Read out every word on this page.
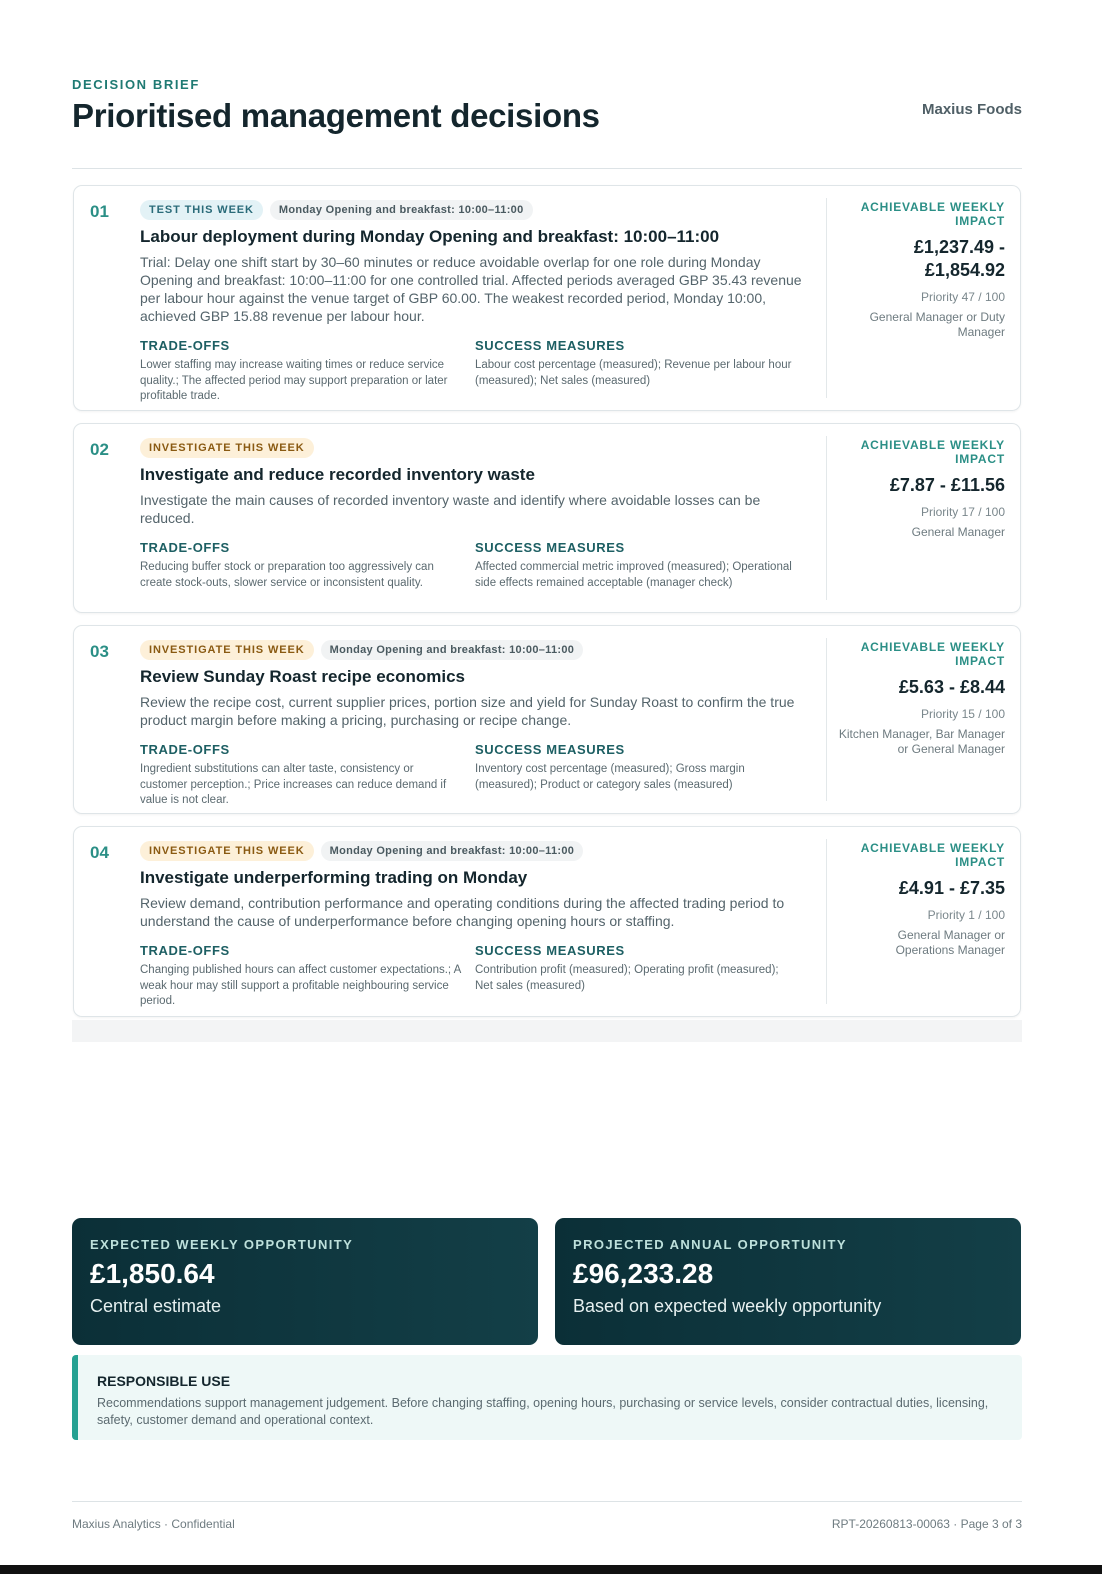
DECISION BRIEF
Prioritised management decisions	Maxius Foods
01	TEST THIS WEEK	Monday Opening and breakfast: 10:00–11:00
Labour deployment during Monday Opening and breakfast: 10:00–11:00

Trial: Delay one shift start by 30–60 minutes or reduce avoidable overlap for one role during Monday Opening and breakfast: 10:00–11:00 for one controlled trial. Affected periods averaged GBP 35.43 revenue per labour hour against the venue target of GBP 60.00. The weakest recorded period, Monday 10:00, achieved GBP 15.88 revenue per labour hour.

TRADE-OFFS

Lower staffing may increase waiting times or reduce service quality.; The affected period may support preparation or later profitable trade.

SUCCESS MEASURES

Labour cost percentage (measured); Revenue per labour hour (measured); Net sales (measured)

ACHIEVABLE WEEKLY IMPACT
£1,237.49 - £1,854.92
Priority 47 / 100
General Manager or Duty Manager
02	INVESTIGATE THIS WEEK
Investigate and reduce recorded inventory waste

Investigate the main causes of recorded inventory waste and identify where avoidable losses can be reduced.

TRADE-OFFS

Reducing buffer stock or preparation too aggressively can create stock-outs, slower service or inconsistent quality.

SUCCESS MEASURES

Affected commercial metric improved (measured); Operational side effects remained acceptable (manager check)

ACHIEVABLE WEEKLY IMPACT
£7.87 - £11.56
Priority 17 / 100
General Manager
03	INVESTIGATE THIS WEEK	Monday Opening and breakfast: 10:00–11:00
Review Sunday Roast recipe economics

Review the recipe cost, current supplier prices, portion size and yield for Sunday Roast to confirm the true product margin before making a pricing, purchasing or recipe change.

TRADE-OFFS

Ingredient substitutions can alter taste, consistency or customer perception.; Price increases can reduce demand if value is not clear.

SUCCESS MEASURES

Inventory cost percentage (measured); Gross margin (measured); Product or category sales (measured)

ACHIEVABLE WEEKLY IMPACT
£5.63 - £8.44
Priority 15 / 100
Kitchen Manager, Bar Manager or General Manager
04	INVESTIGATE THIS WEEK	Monday Opening and breakfast: 10:00–11:00
Investigate underperforming trading on Monday

Review demand, contribution performance and operating conditions during the affected trading period to understand the cause of underperformance before changing opening hours or staffing.

TRADE-OFFS

Changing published hours can affect customer expectations.; A weak hour may still support a profitable neighbouring service period.

SUCCESS MEASURES

Contribution profit (measured); Operating profit (measured); Net sales (measured)

ACHIEVABLE WEEKLY IMPACT
£4.91 - £7.35
Priority 1 / 100
General Manager or Operations Manager
EXPECTED WEEKLY OPPORTUNITY
£1,850.64
Central estimate
PROJECTED ANNUAL OPPORTUNITY
£96,233.28
Based on expected weekly opportunity
RESPONSIBLE USE

Recommendations support management judgement. Before changing staffing, opening hours, purchasing or service levels, consider contractual duties, licensing, safety, customer demand and operational context.

Maxius Analytics · Confidential	RPT-20260813-00063 · Page 3 of 3
